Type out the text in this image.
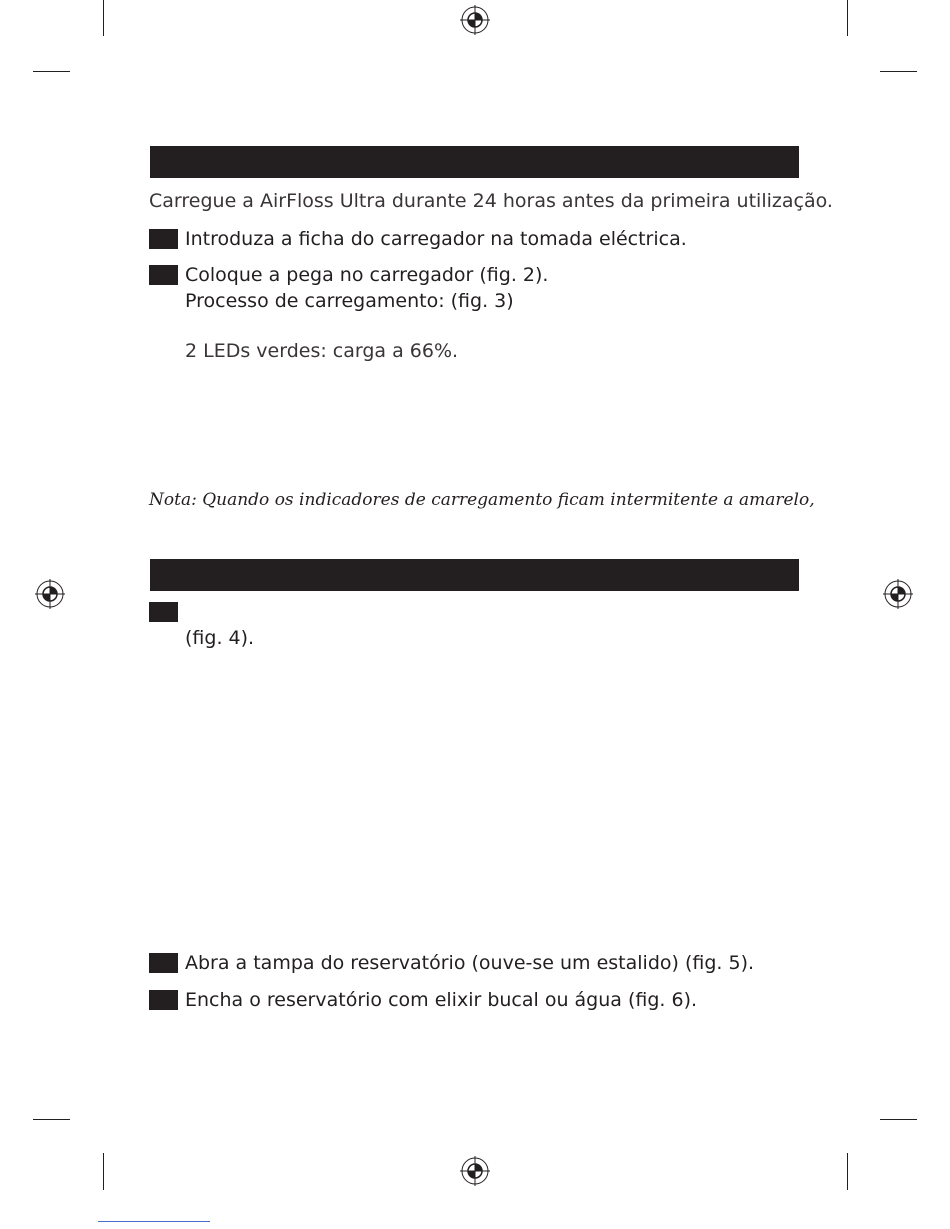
Carregue a AirFloss Ultra durante 24 horas antes da primeira utilização.
Introduza a ficha do carregador na tomada eléctrica.
Coloque a pega no carregador (fig. 2).
Processo de carregamento: (fig. 3)
2 LEDs verdes: carga a 66%.
Nota: Quando os indicadores de carregamento ficam intermitente a amarelo,
(fig. 4).
Abra a tampa do reservatório (ouve-se um estalido) (fig. 5).
Encha o reservatório com elixir bucal ou água (fig. 6).
